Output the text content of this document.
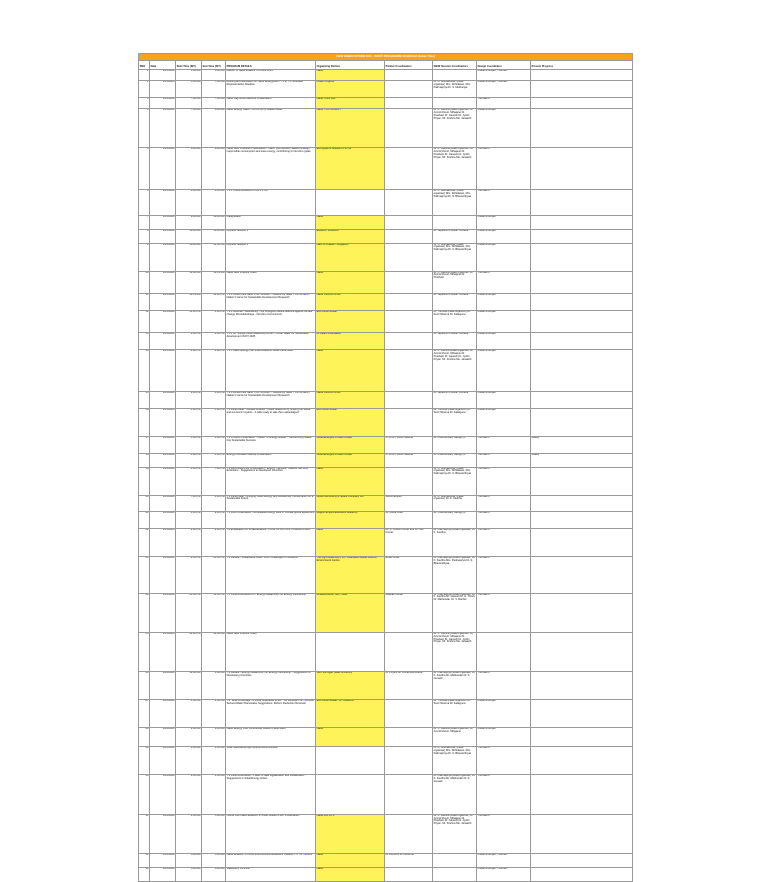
ISEW ENERGYSTORM 2024 - ISEW® PROGRAMME SCHEDULE (Indian Time)									
SNO	Date	Start Time (IST)	End Time (IST)	PROGRAM DETAILS	Organizing Partner	Partner Coordinators	ISEW Session Coordinators	Design Coordinator	Present Progress
1	3/15/2024	6:00 AM	6:00 AM	Launch of ISEW ENERGYSTORM 2024	ISEW			Pavan/Vinenjan, Thomath	
2	3/15/2024	6:00 AM	7:00 AM	Briefing and discussion on ISEW Energystorm 7.1 to 7.X Schedule Representative Situation	Power Projects		Dr. C. Muthukumar, (Lead organiser) Mrs. Rohidasan, Mrs. Padmapriya Dr. S. Mukherjee	Pavan/Vinenjan, Thomath	
3	3/15/2024	7:00 AM	7:30 AM	ISEW Day Good Machine Presentation	ISEW Think Lab			Thomath K	
4	3/15/2024	7:30 AM	8:00 AM	ISEW Energy ISEW YOUTH Army Student Meet	ISEW YOUTH ARMY		Dr. K. Kavitha (Lead organizer) Dr. Anmol Munot, Mihajanu Dr. Prashant Dr. Ganesh Dr. Jyothi Priyan, Mr. Krishna Mo. Janaarth	Pavan/Vinenjan	
5	3/15/2024	8:00 AM	9:00 AM	ISEW Best Practices Presentation - Teach your workers Tasked to adopt responsible consumption and save energy, contributing to Net Zero goals	EcoSystems Solutions Pvt Ltd		Dr. K. Kavitha (Lead organizer) Dr. Anmol Munot, Mihajanu Dr. Prashant Dr. Ganesh Dr. Jyothi Priyan, Mr. Krishna Mo. Janaarth	Thomath K	
6	3/15/2024	9:00 AM	9:30 AM	7.1.1 Online Review on COP1.1 UK			Dr. C. Muthukumar, (Lead organiser) Mrs. Rohidasan, Mrs. Padmapriya Dr. S. Bhavanithyaa	Thomath K	
7	3/15/2024	9:30 AM	10:00 AM	Inauguration	ISEW			Pavan/Vinenjan	
8	3/15/2024	10:00 AM	10:30 AM	Keynote Session 1	ENERGY ENIGMA		Dr. Jayasinth Poovan Vithiana	Pavan/Vinenjan	
9	3/15/2024	10:30 AM	11:00 AM	Keynote Session 2	ISEF & Coastal - Singapore		Dr. C. Muthukumar, (Lead organiser) Mrs. Rohidasan, Mrs. Padmapriya Dr. S. Bhavanithyaa	Pavan/Vinenjan	
10	3/15/2024	11:00 AM	11:15 AM	ISEW Best Practice Video	ISEW		Dr. K. Kavitha (Lead organizer) Dr. Anmol Munot, Mihajanu Dr. Prashant	Thomath K	
11	3/15/2024	11:15 AM	12:30 PM	7.1.1 Where Lies NEW YOUTH ARMY - Hosted By ISEW YOUTH ARMY Nation's Game for Sustainable Development Research	ISEW INDIAN CLUB		Dr. Jayasinth Poovan Vithiana	Pavan/Vinenjan	
12	3/15/2024	12:30 PM	1:00 PM	7.1.3 Webinar - Biodiversity - our strongest natural defence against climate change #GoodHerbiage - Net Zero Commitment	Eco-Clubs Global		Dr. Thomas (Lead organizer) Dr. Sunil Sharma Dr. Kalaiguna	Pavan/Vinenjan	
13	3/15/2024	1:00 PM	2:00 PM	7.1.4 Mr. Shinde India Leadership Forum - Urban Water for Sustainable development ISCIT 2025	Dr Kalam Foundation		Dr. Jayasinth Poovan Vithiana	Pavan/Vinenjan	
14	3/15/2024	2:00 PM	3:00 PM	7.1.5 ISEW Energy Pan-India Academic Head Panel Meet	ISEW		Dr. K. Kavitha (Lead organizer) Dr. Anmol Munot, Mihajanu Dr. Prashant Dr. Ganesh Dr. Jyothi Priyan, Mr. Krishna Mo. Janaarth	Pavan/Vinenjan	
15	3/15/2024	3:00 PM	4:00 PM	7.1.6 Where Lies NEW YOUTH ARMY - Hosted By ISEW YOUTH ARMY Nation's Game for Sustainable Development Research	ISEW INDIAN CLUB		Dr. Jayasinth Poovan Vithiana	Pavan/Vinenjan	
16	3/15/2024	4:00 PM	5:00 PM	7.2 Panel Meet - Climate Finance - builds resilience by funding the social and economic impacts - it calls ready to take Zero advantages?	Eco-Clubs Global		Dr. Thomas (Lead organizer) Dr. Sunil Sharma Dr. Kalaiguna	Pavan/Vinenjan	
17	3/15/2024	5:00 PM	6:00 PM	7.2 Product Presentation - Plastic To Energy Market - Transforming Waste Into Sustainable Success	GreenEnergies Private Limited	A. (Prof.) Girish Saxena	Dr. Preetha Mary George (L	Thomath K	Ready
18	3/15/2024	6:00 PM	6:30 PM	Energy Innovation startup Presentation	GreenEnergies Private Limited	A. (Prof.) Girish Saxena	Dr. Preetha Mary George (L	Thomath K	Ready
19	3/15/2024	6:30 PM	7:30 PM	7.3 Roti-mukta Pilot Presentation - Energy Transition Towards Net Zero Emissions - Suggestions to Developed Countries	ISEW		Dr. C. Muthukumar, (Lead organiser) Mrs. Rohidasan, Mrs. Padmapriya Dr. S. Bhavanithyaa	Thomath K	
20	3/15/2024	7:30 PM	8:00 PM	7.3 Panel Meet - Bridging Clean Energy and Biodiversity Conservation for a Sustainable Future	Green Astronomy & Space Company Ltd	Sona Lampso	Dr. C. Muthukumar, (Lead organiser) Dr. K. Kavitha	Thomath K	
21	3/15/2024	8:00 PM	9:00 PM	7.3 Pilot Presentation - Renewable energy Role in Climate global agreement	Regent Empire Education Academy	Dr. Anbar Rola	Dr. Preetha Mary George (L	Thomath K	
22	3/15/2024	9:00 PM	9:30 PM	7.4 Explanation on #ISEWENERGY PLAN OF ACTION TOWARDS 2025	ISEW	Dr. C. Vinesh Kumar and Dr. Sell Kumar	Dr. Padmapriya (Lead organiser) Dr. K. Kavitha	Thomath K	
23	3/15/2024	9:30 PM	10:30 PM	7.5 Debate - Sustainable Cities: From Challenges to Solutions	The Light Millennium, Inc. Charitable Global Science Environment Centre	Eman Umar	Dr. Padmapriya (Lead organiser) Dr. K. Kavitha Mrs. Padmapriya Dr. S. Bhavanithyaa	Thomath K	
24	3/15/2024	10:30 PM	11:30 PM	7.5 Panel Discussion on - Energy Leadership VIII Energy Partnership	Rinaldo/Infinite Tech, India	Deepak Kumar	Dr. Padmapriya (Lead organiser) Dr. K. Kavitha Mr. Ganesh Dr. G. Tsiruly Dr. Mathoodar. Dr. V. Rachel	Thomath K	
25	3/15/2024	11:30 PM	12:00 AM	ISEW Best Practice Video			Dr. K. Kavitha (Lead organizer) Dr. Anmol Munot, Mihajanu Dr. Prashant Dr. Ganesh Dr. Jyothi Priyan, Mr. Krishna Mo. Janaarth		
26	3/16/2024	12:00 AM	1:00 AM	7.6 Debate - Energy Leadership VIII Energy Partnership - Suggestions to Developing Countries	SRU Michigan State University	Dr Priya & Mr Vishal Boonsherik	Dr. Padmapriya (Lead organiser) Dr. K. Kavitha Mr. Mathoodar Dr. S. Gunasil	Thomath K	
27	3/16/2024	1:00 AM	2:00 AM	7.6 "Less & Damage - A Moral Imperative to act" - #4 Webinar Pre - Remote Sensed Water Planorealus Suggestions: Reform Reduction Renewal	Eco-Clubs Global - Dr. UBIRANI		Dr. Thomas (Lead organizer) Dr. Sunil Sharma Dr. Kalaiguna	Pavan/Vinenjan	
28	3/16/2024	2:00 AM	3:00 AM	ISEW Energy Inter Continental Student Panel Meet	ISEW		Dr. K. Kavitha (Lead organizer) Dr. Anmol Munot, Mihajanu	Pavan/Vinenjan	
29	3/16/2024	3:00 AM	3:30 AM	Solar Manufacturing/Practical Demonstration			Dr. C. Muthukumar, (Lead organiser) Mrs. Rohidasan, Mrs. Padmapriya Dr. S. Bhavanithyaa	Thomath K	
30	3/16/2024	3:30 AM	4:00 AM	7.6 Panel Discussion - Power of data digitalization and visualization - Suggestions to Solar/Energy Action			Dr. Padmapriya (Lead organiser) Dr. K. Kavitha Mr. Mathoodar Dr. S. Gunasil	Thomath K	
31	3/16/2024	4:00 AM	5:00 AM	Offline Live ISEW ENERGYSTORM Student Pitch Presentation	ISEW IMF BTS		Dr. K. Kavitha (Lead organizer) Dr. Anmol Munot, Mihajanu Dr. Prashant Dr. Ganesh Dr. Jyothi Priyan, Mr. Krishna Mo. Janaarth	Thomath K	
32	3/16/2024	5:00 AM	5:30 AM	ISEW ENERGYSTORM 2024 Recommendations Towards 7.X TB Trainers	ISEW	Dr Donna & Dr Lucienne		Pavan/Vinenjan, Thomath	
33	3/16/2024	5:30 AM	6:00 AM	Valedictory Function	ISEW			Pavan/Vinenjan, Thomath	
